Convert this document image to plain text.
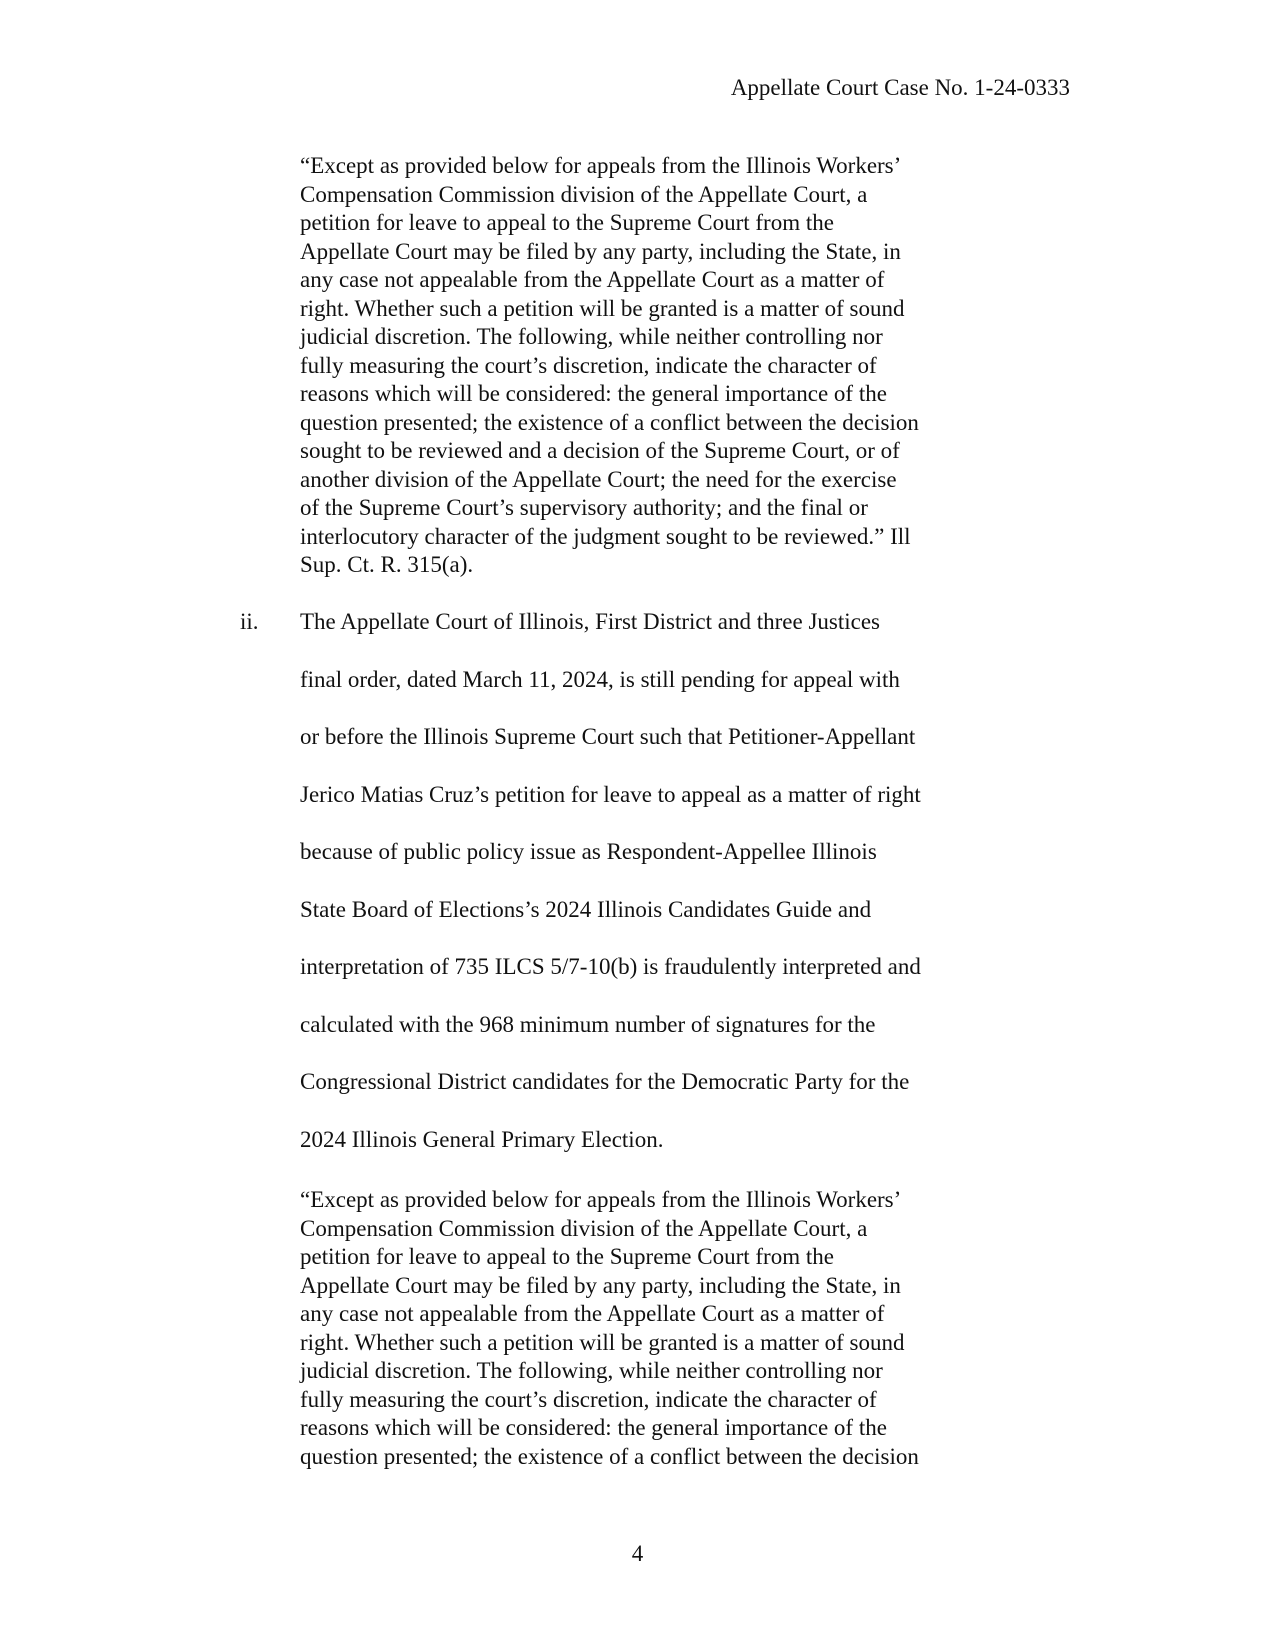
Appellate Court Case No. 1-24-0333
“Except as provided below for appeals from the Illinois Workers’
Compensation Commission division of the Appellate Court, a
petition for leave to appeal to the Supreme Court from the
Appellate Court may be filed by any party, including the State, in
any case not appealable from the Appellate Court as a matter of
right. Whether such a petition will be granted is a matter of sound
judicial discretion. The following, while neither controlling nor
fully measuring the court’s discretion, indicate the character of
reasons which will be considered: the general importance of the
question presented; the existence of a conflict between the decision
sought to be reviewed and a decision of the Supreme Court, or of
another division of the Appellate Court; the need for the exercise
of the Supreme Court’s supervisory authority; and the final or
interlocutory character of the judgment sought to be reviewed.” Ill
Sup. Ct. R. 315(a).
ii. The Appellate Court of Illinois, First District and three Justices
final order, dated March 11, 2024, is still pending for appeal with
or before the Illinois Supreme Court such that Petitioner-Appellant
Jerico Matias Cruz’s petition for leave to appeal as a matter of right
because of public policy issue as Respondent-Appellee Illinois
State Board of Elections’s 2024 Illinois Candidates Guide and
interpretation of 735 ILCS 5/7-10(b) is fraudulently interpreted and
calculated with the 968 minimum number of signatures for the
Congressional District candidates for the Democratic Party for the
2024 Illinois General Primary Election.
“Except as provided below for appeals from the Illinois Workers’
Compensation Commission division of the Appellate Court, a
petition for leave to appeal to the Supreme Court from the
Appellate Court may be filed by any party, including the State, in
any case not appealable from the Appellate Court as a matter of
right. Whether such a petition will be granted is a matter of sound
judicial discretion. The following, while neither controlling nor
fully measuring the court’s discretion, indicate the character of
reasons which will be considered: the general importance of the
question presented; the existence of a conflict between the decision
4
